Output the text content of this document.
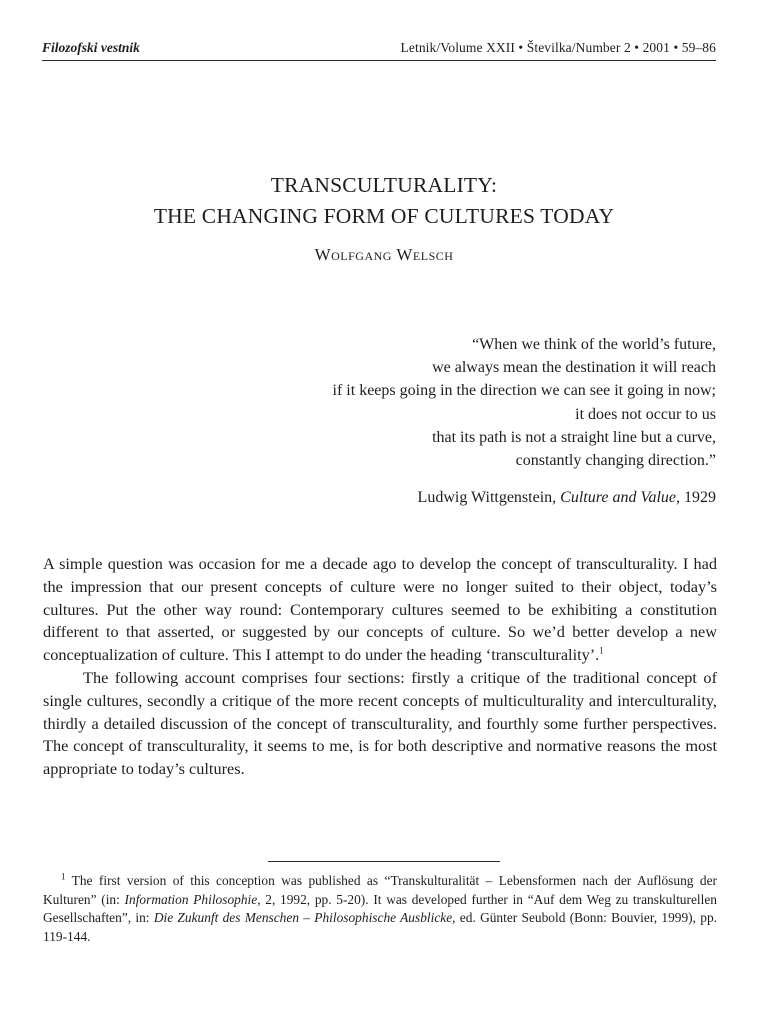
Filozofski vestnik	Letnik/Volume XXII • Številka/Number 2 • 2001 • 59–86
TRANSCULTURALITY:
THE CHANGING FORM OF CULTURES TODAY
Wolfgang Welsch
“When we think of the world’s future,
we always mean the destination it will reach
if it keeps going in the direction we can see it going in now;
it does not occur to us
that its path is not a straight line but a curve,
constantly changing direction.”
Ludwig Wittgenstein, Culture and Value, 1929

A simple question was occasion for me a decade ago to develop the concept of transculturality. I had the impression that our present concepts of culture were no longer suited to their object, today’s cultures. Put the other way round: Contemporary cultures seemed to be exhibiting a constitution different to that asserted, or suggested by our concepts of culture. So we’d better develop a new conceptualization of culture. This I attempt to do under the heading ‘transculturality’.$^1$

The following account comprises four sections: firstly a critique of the traditional concept of single cultures, secondly a critique of the more recent concepts of multiculturality and interculturality, thirdly a detailed discussion of the concept of transculturality, and fourthly some further perspectives. The concept of transculturality, it seems to me, is for both descriptive and normative reasons the most appropriate to today’s cultures.

$^1$ The first version of this conception was published as “Transkulturalität – Lebensformen nach der Auflösung der Kulturen” (in: Information Philosophie, 2, 1992, pp. 5-20). It was developed further in “Auf dem Weg zu transkulturellen Gesellschaften”, in: Die Zukunft des Menschen – Philosophische Ausblicke, ed. Günter Seubold (Bonn: Bouvier, 1999), pp. 119-144.
